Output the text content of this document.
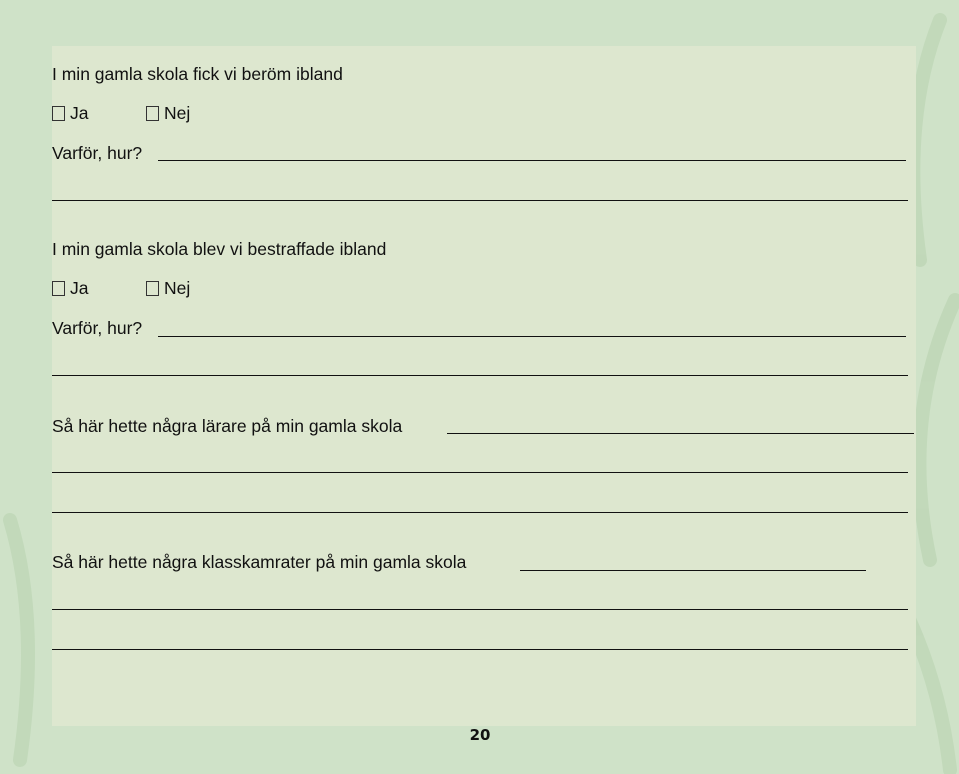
I min gamla skola fick vi beröm ibland
Ja	Nej
Varför, hur?
I min gamla skola blev vi bestraffade ibland
Ja	Nej
Varför, hur?
Så här hette några lärare på min gamla skola
Så här hette några klasskamrater på min gamla skola
20
